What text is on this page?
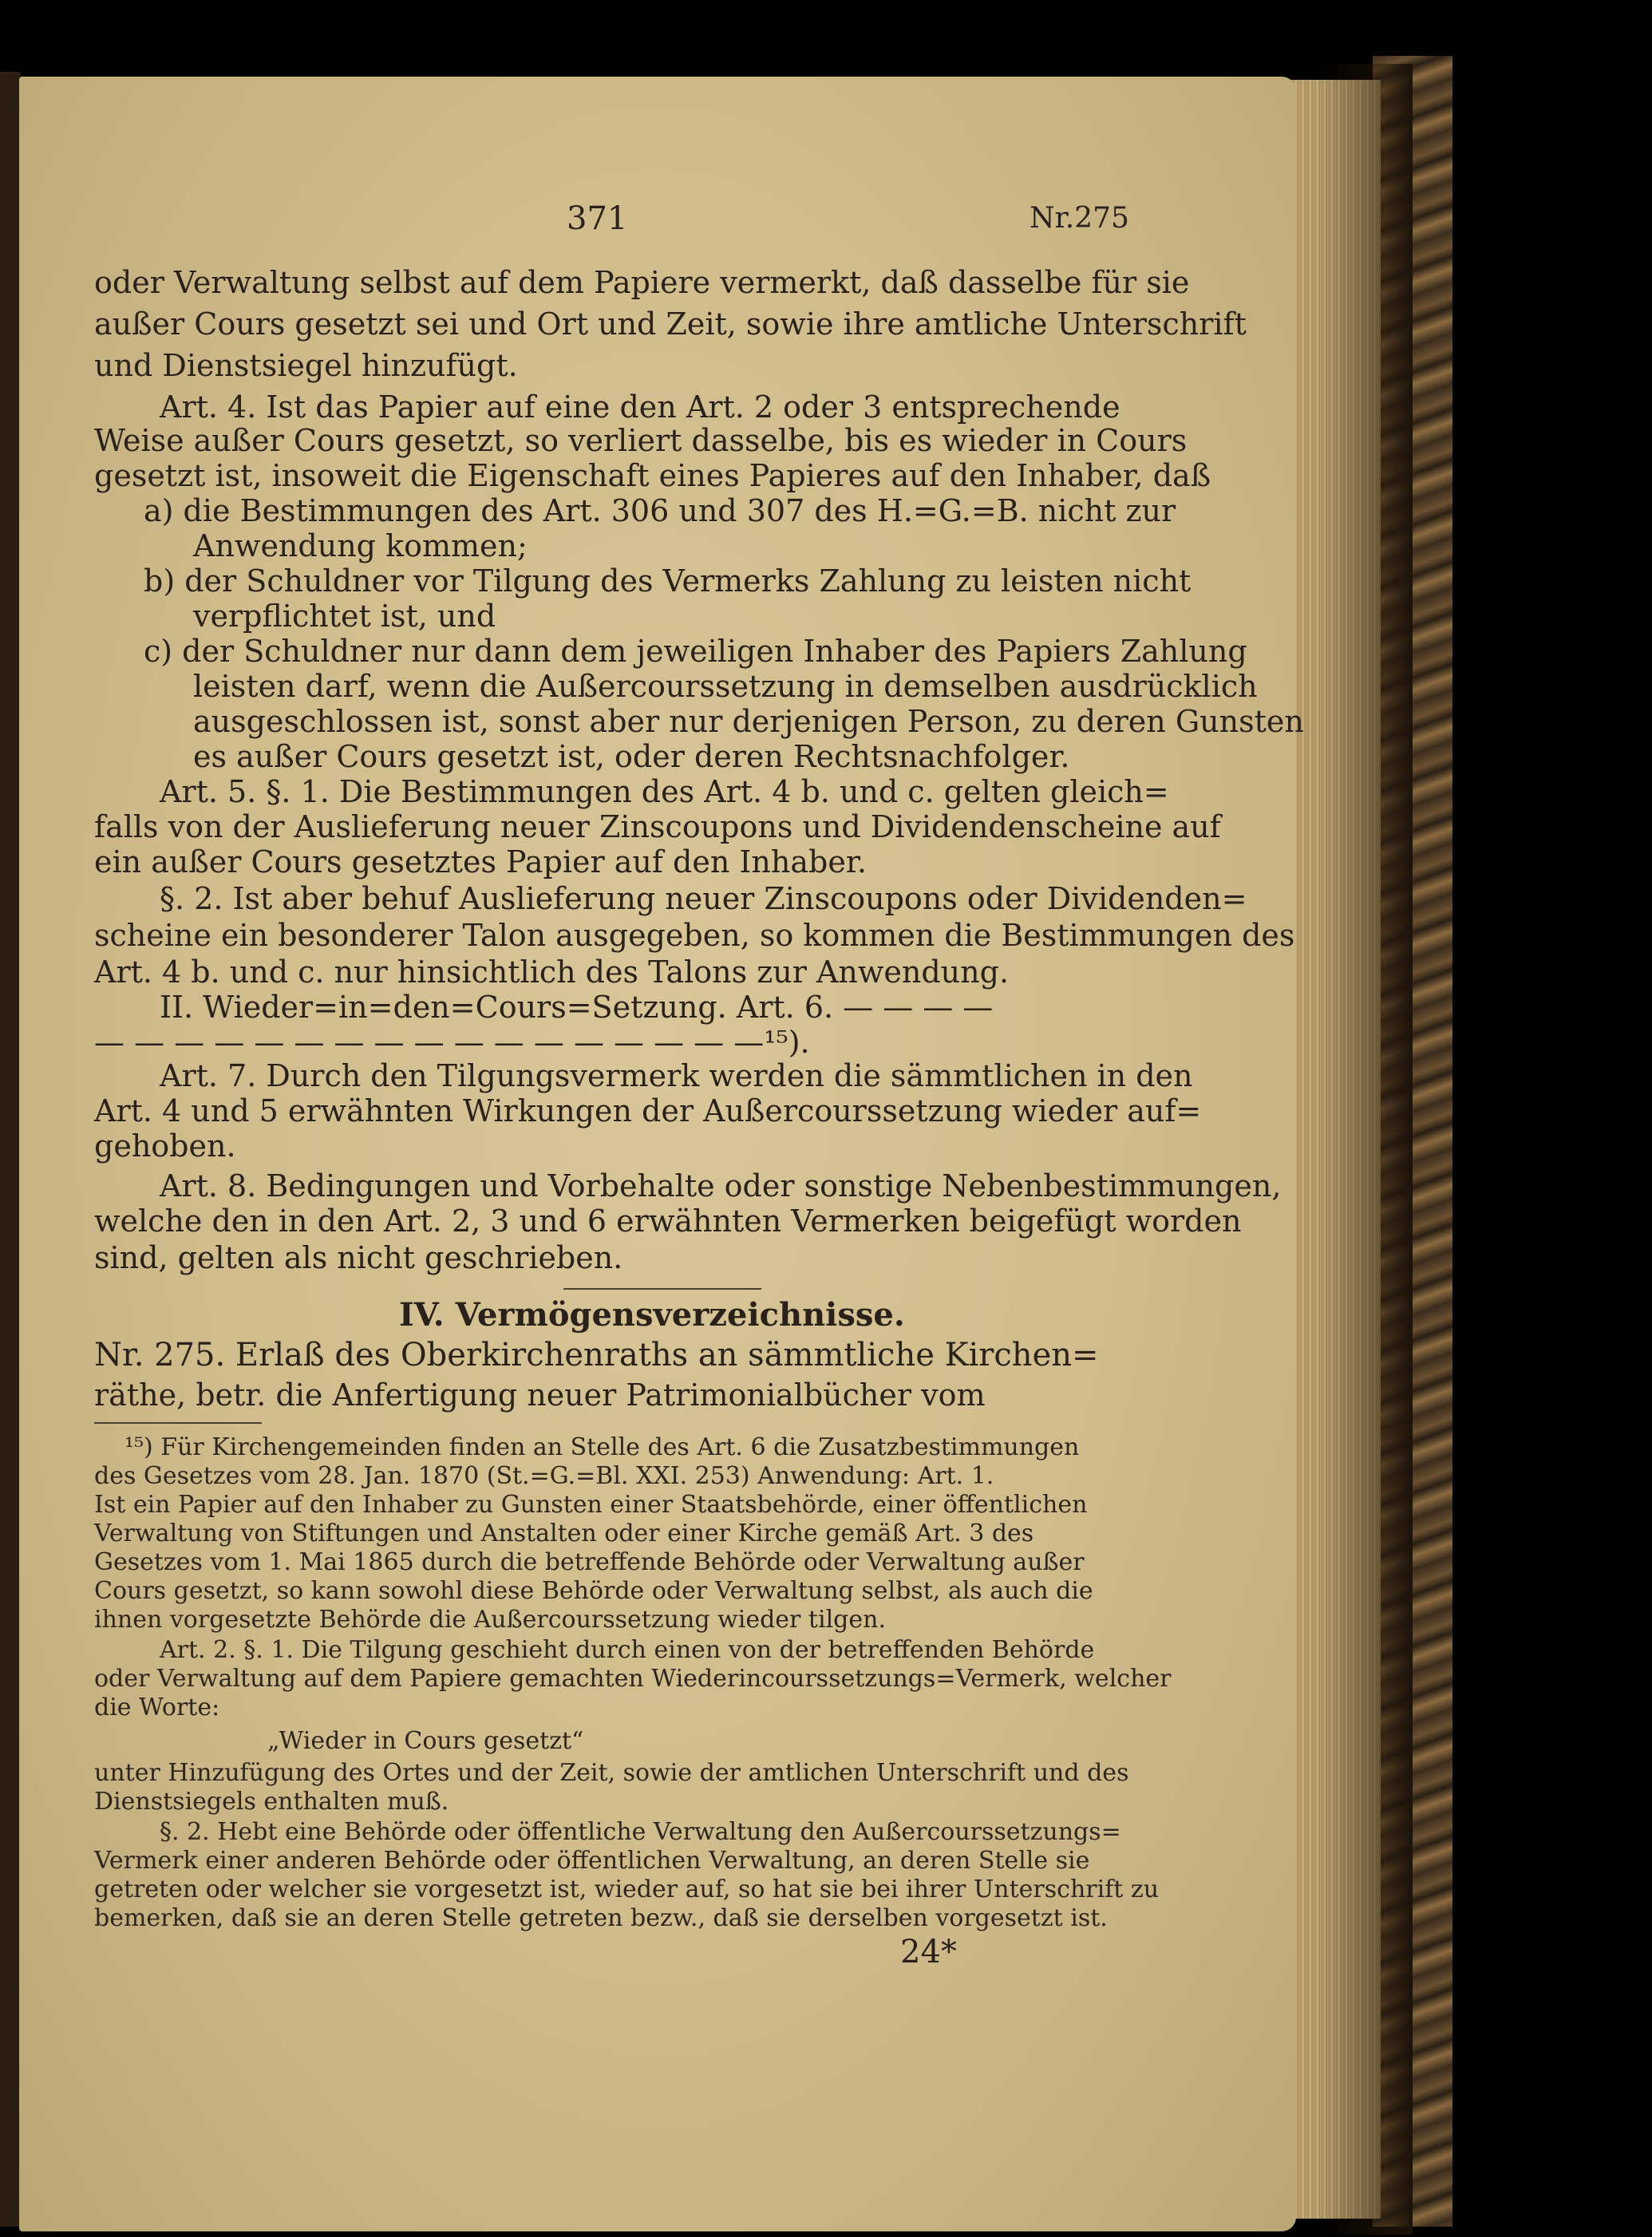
371	Nr.275
oder Verwaltung selbst auf dem Papiere vermerkt, daß dasselbe für sie
außer Cours gesetzt sei und Ort und Zeit, sowie ihre amtliche Unterschrift
und Dienstsiegel hinzufügt.
Art. 4. Ist das Papier auf eine den Art. 2 oder 3 entsprechende
Weise außer Cours gesetzt, so verliert dasselbe, bis es wieder in Cours
gesetzt ist, insoweit die Eigenschaft eines Papieres auf den Inhaber, daß
a) die Bestimmungen des Art. 306 und 307 des H.=G.=B. nicht zur
Anwendung kommen;
b) der Schuldner vor Tilgung des Vermerks Zahlung zu leisten nicht
verpflichtet ist, und
c) der Schuldner nur dann dem jeweiligen Inhaber des Papiers Zahlung
leisten darf, wenn die Außercourssetzung in demselben ausdrücklich
ausgeschlossen ist, sonst aber nur derjenigen Person, zu deren Gunsten
es außer Cours gesetzt ist, oder deren Rechtsnachfolger.
Art. 5. §. 1. Die Bestimmungen des Art. 4 b. und c. gelten gleich=
falls von der Auslieferung neuer Zinscoupons und Dividendenscheine auf
ein außer Cours gesetztes Papier auf den Inhaber.
§. 2. Ist aber behuf Auslieferung neuer Zinscoupons oder Dividenden=
scheine ein besonderer Talon ausgegeben, so kommen die Bestimmungen des
Art. 4 b. und c. nur hinsichtlich des Talons zur Anwendung.
II. Wieder=in=den=Cours=Setzung. Art. 6. — — — —
— — — — — — — — — — — — — — — — —¹⁵).
Art. 7. Durch den Tilgungsvermerk werden die sämmtlichen in den
Art. 4 und 5 erwähnten Wirkungen der Außercourssetzung wieder auf=
gehoben.
Art. 8. Bedingungen und Vorbehalte oder sonstige Nebenbestimmungen,
welche den in den Art. 2, 3 und 6 erwähnten Vermerken beigefügt worden
sind, gelten als nicht geschrieben.
IV. Vermögensverzeichnisse.
Nr. 275. Erlaß des Oberkirchenraths an sämmtliche Kirchen=
räthe, betr. die Anfertigung neuer Patrimonialbücher vom
¹⁵) Für Kirchengemeinden finden an Stelle des Art. 6 die Zusatzbestimmungen
des Gesetzes vom 28. Jan. 1870 (St.=G.=Bl. XXI. 253) Anwendung: Art. 1.
Ist ein Papier auf den Inhaber zu Gunsten einer Staatsbehörde, einer öffentlichen
Verwaltung von Stiftungen und Anstalten oder einer Kirche gemäß Art. 3 des
Gesetzes vom 1. Mai 1865 durch die betreffende Behörde oder Verwaltung außer
Cours gesetzt, so kann sowohl diese Behörde oder Verwaltung selbst, als auch die
ihnen vorgesetzte Behörde die Außercourssetzung wieder tilgen.
Art. 2. §. 1. Die Tilgung geschieht durch einen von der betreffenden Behörde
oder Verwaltung auf dem Papiere gemachten Wiederincourssetzungs=Vermerk, welcher
die Worte:
„Wieder in Cours gesetzt“
unter Hinzufügung des Ortes und der Zeit, sowie der amtlichen Unterschrift und des
Dienstsiegels enthalten muß.
§. 2. Hebt eine Behörde oder öffentliche Verwaltung den Außercourssetzungs=
Vermerk einer anderen Behörde oder öffentlichen Verwaltung, an deren Stelle sie
getreten oder welcher sie vorgesetzt ist, wieder auf, so hat sie bei ihrer Unterschrift zu
bemerken, daß sie an deren Stelle getreten bezw., daß sie derselben vorgesetzt ist.
24*
